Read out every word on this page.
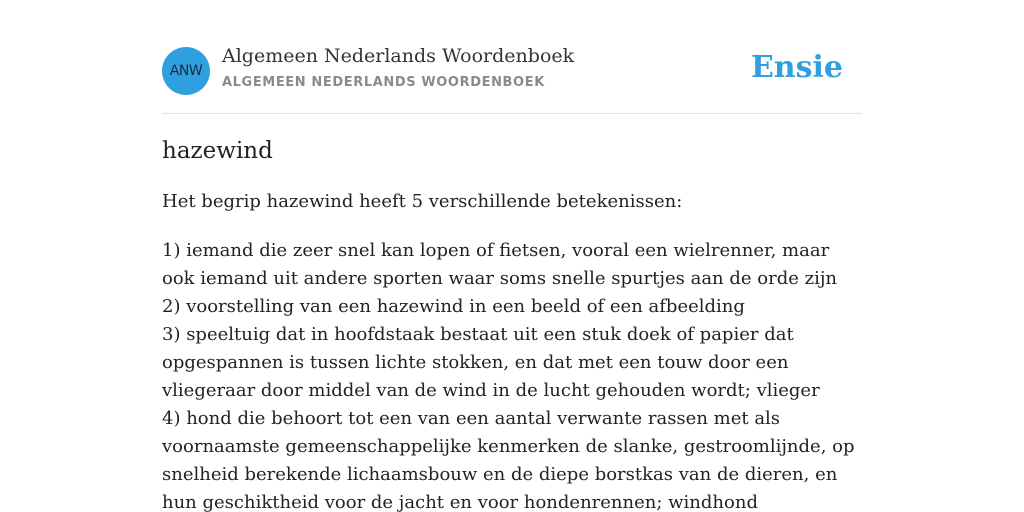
ANW
Algemeen Nederlands Woordenboek
ALGEMEEN NEDERLANDS WOORDENBOEK	Ensie
hazewind

Het begrip hazewind heeft 5 verschillende betekenissen:

1) iemand die zeer snel kan lopen of fietsen, vooral een wielrenner, maar ook iemand uit andere sporten waar soms snelle spurtjes aan de orde zijn
2) voorstelling van een hazewind in een beeld of een afbeelding
3) speeltuig dat in hoofdstaak bestaat uit een stuk doek of papier dat opgespannen is tussen lichte stokken, en dat met een touw door een vliegeraar door middel van de wind in de lucht gehouden wordt; vlieger
4) hond die behoort tot een van een aantal verwante rassen met als voornaamste gemeenschappelijke kenmerken de slanke, gestroomlijnde, op snelheid berekende lichaamsbouw en de diepe borstkas van de dieren, en hun geschiktheid voor de jacht en voor hondenrennen; windhond
